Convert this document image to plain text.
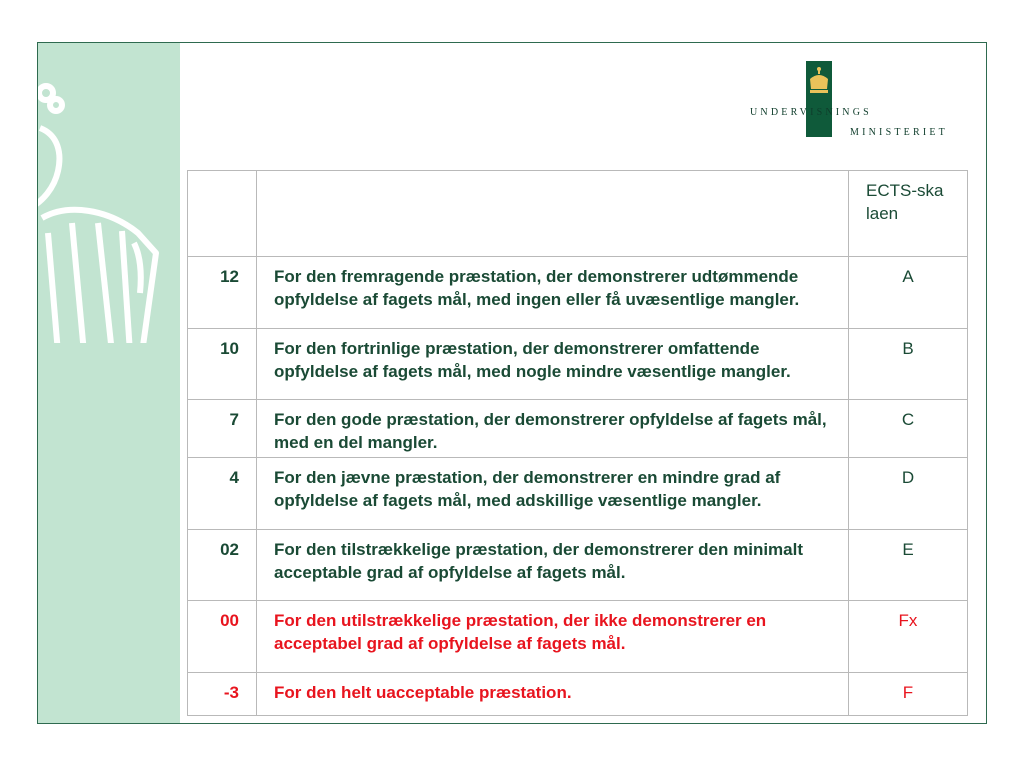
UNDERVISNINGS
MINISTERIET

		ECTS-skalaen

12	For den fremragende præstation, der demonstrerer udtømmende opfyldelse af fagets mål, med ingen eller få uvæsentlige mangler.	A
10	For den fortrinlige præstation, der demonstrerer omfattende opfyldelse af fagets mål, med nogle mindre væsentlige mangler.	B
7	For den gode præstation, der demonstrerer opfyldelse af fagets mål, med en del mangler.	C
4	For den jævne præstation, der demonstrerer en mindre grad af opfyldelse af fagets mål, med adskillige væsentlige mangler.	D
02	For den tilstrækkelige præstation, der demonstrerer den minimalt acceptable grad af opfyldelse af fagets mål.	E
00	For den utilstrækkelige præstation, der ikke demonstrerer en acceptabel grad af opfyldelse af fagets mål.	Fx
-3	For den helt uacceptable præstation.	F
